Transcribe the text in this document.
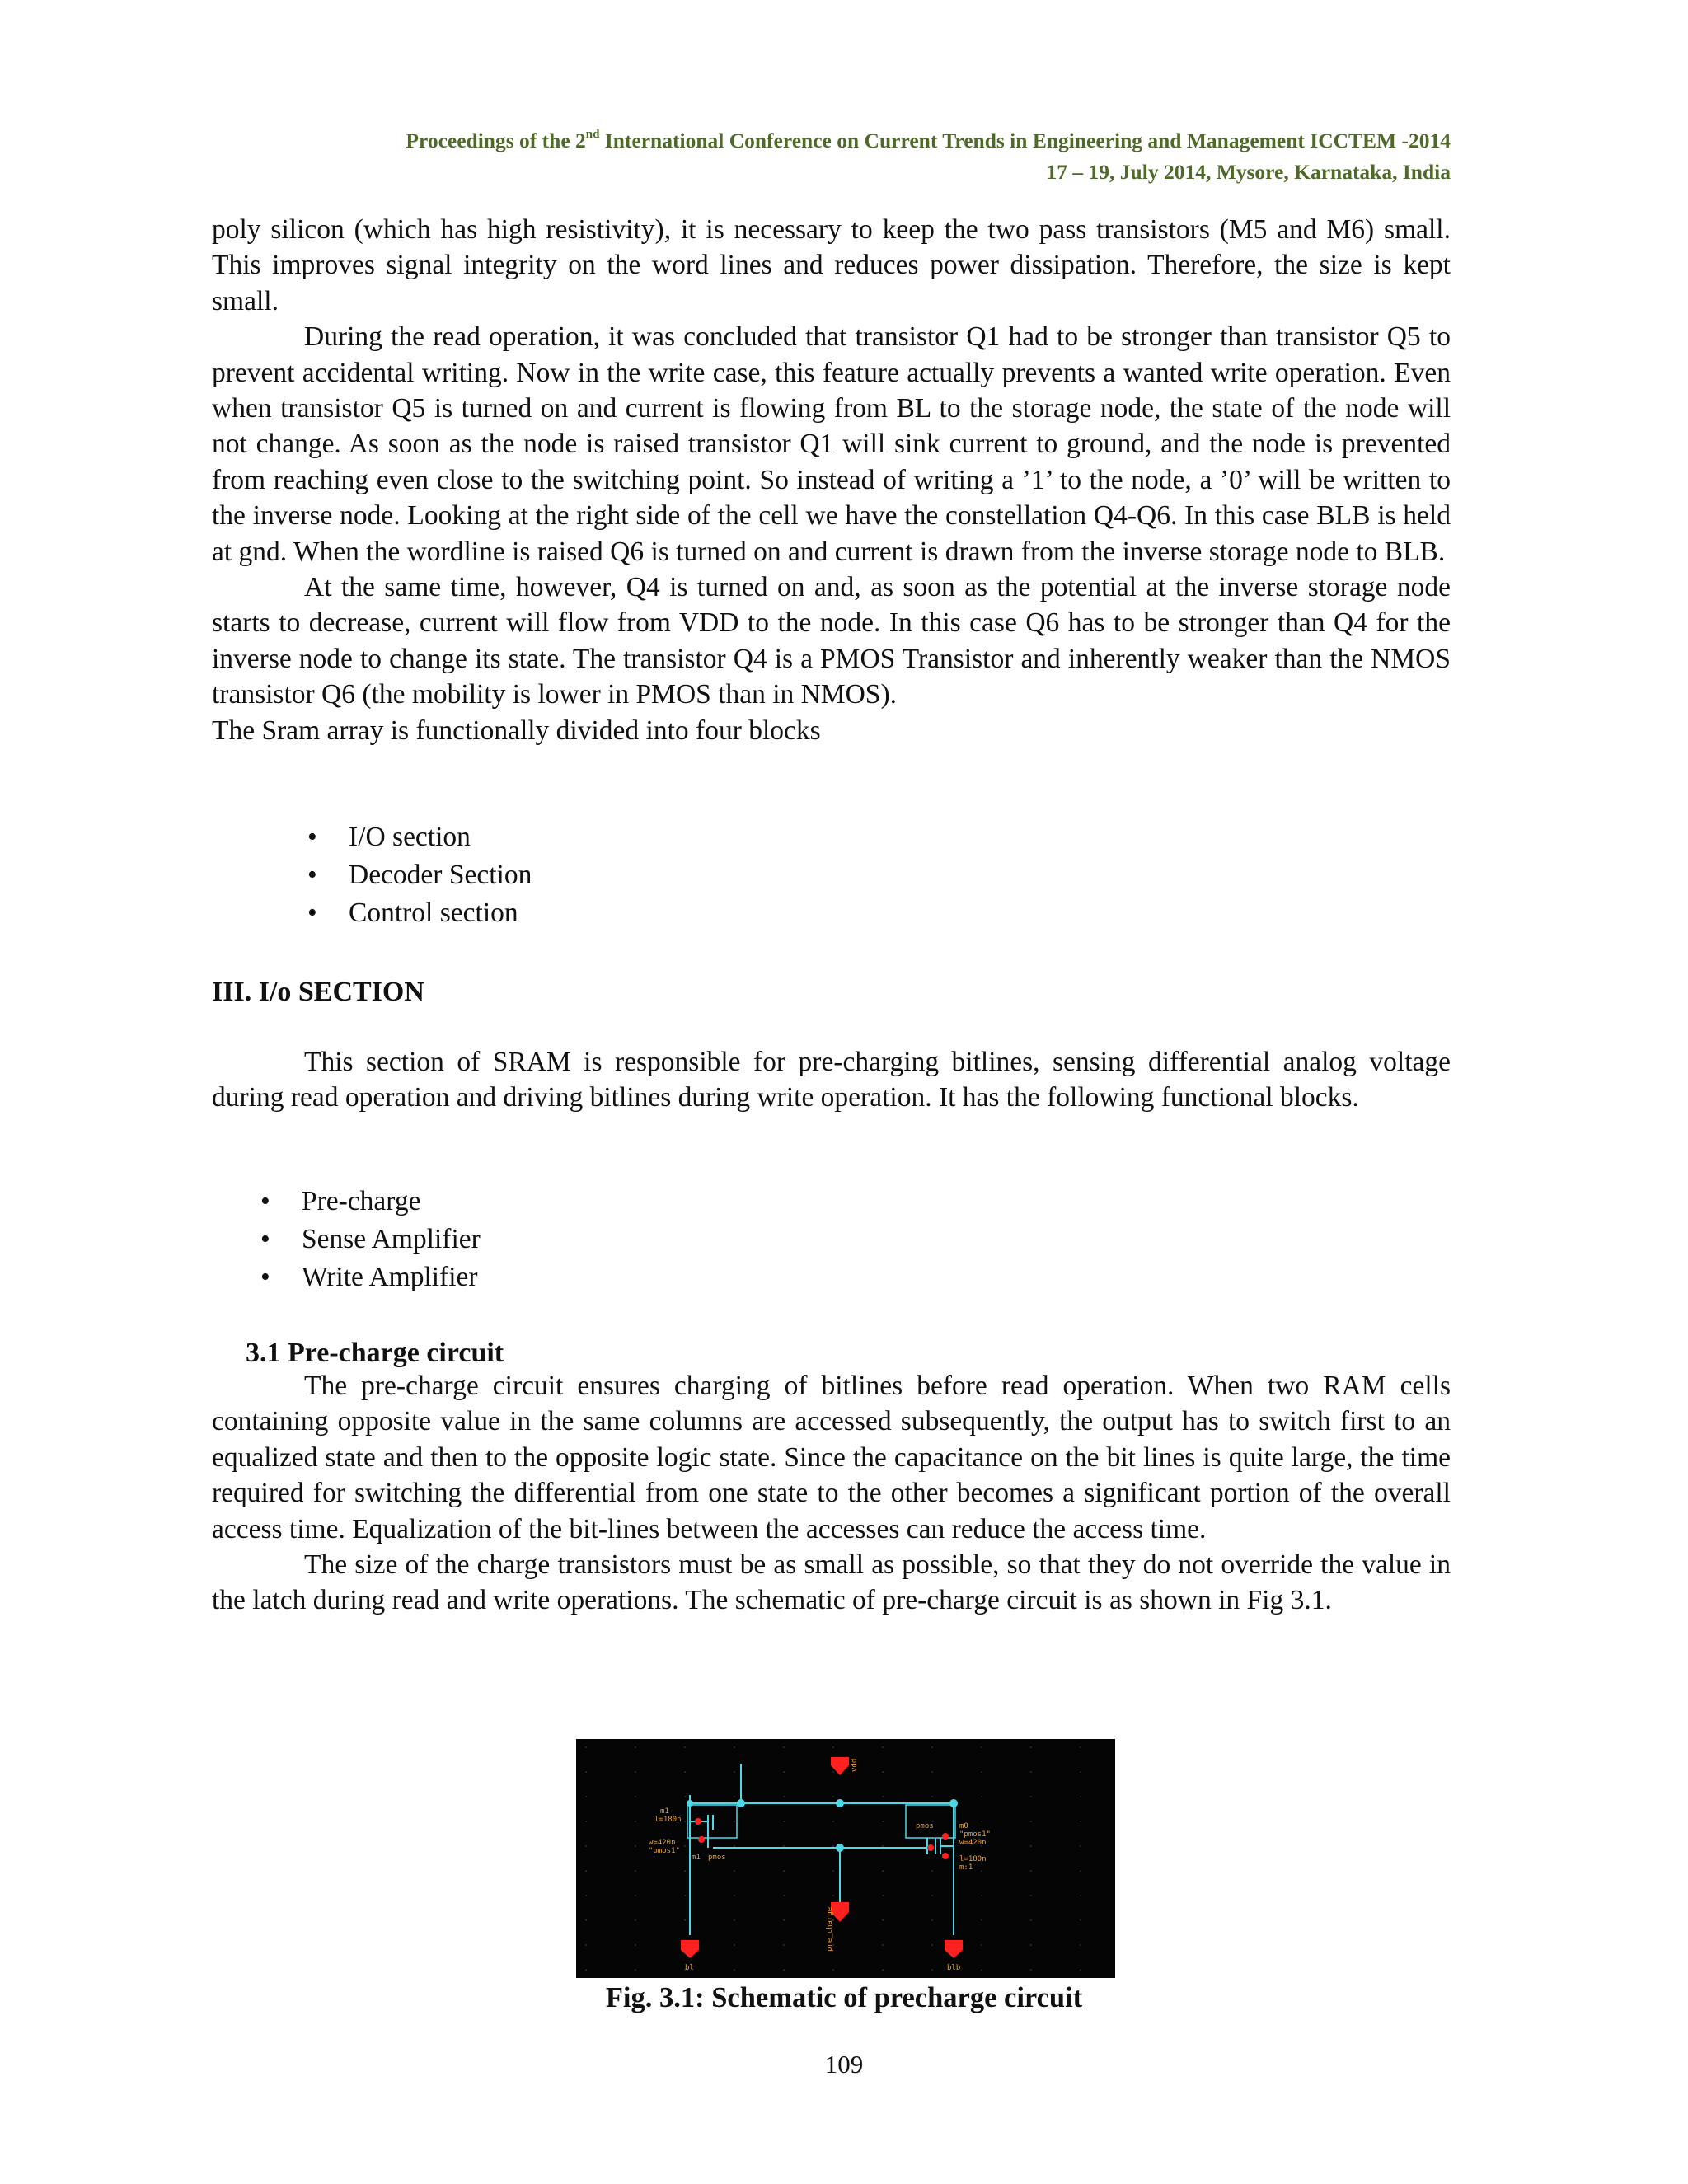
Proceedings of the 2nd International Conference on Current Trends in Engineering and Management ICCTEM -2014
17 – 19, July 2014, Mysore, Karnataka, India

poly silicon (which has high resistivity), it is necessary to keep the two pass transistors (M5 and M6) small. This improves signal integrity on the word lines and reduces power dissipation. Therefore, the size is kept small.

During the read operation, it was concluded that transistor Q1 had to be stronger than transistor Q5 to prevent accidental writing. Now in the write case, this feature actually prevents a wanted write operation. Even when transistor Q5 is turned on and current is flowing from BL to the storage node, the state of the node will not change. As soon as the node is raised transistor Q1 will sink current to ground, and the node is prevented from reaching even close to the switching point. So instead of writing a ’1’ to the node, a ’0’ will be written to the inverse node. Looking at the right side of the cell we have the constellation Q4-Q6. In this case BLB is held at gnd. When the wordline is raised Q6 is turned on and current is drawn from the inverse storage node to BLB.

At the same time, however, Q4 is turned on and, as soon as the potential at the inverse storage node starts to decrease, current will flow from VDD to the node. In this case Q6 has to be stronger than Q4 for the inverse node to change its state. The transistor Q4 is a PMOS Transistor and inherently weaker than the NMOS transistor Q6 (the mobility is lower in PMOS than in NMOS).

The Sram array is functionally divided into four blocks

• I/O section
• Decoder Section
• Control section
III. I/o SECTION

This section of SRAM is responsible for pre-charging bitlines, sensing differential analog voltage during read operation and driving bitlines during write operation. It has the following functional blocks.

• Pre-charge
• Sense Amplifier
• Write Amplifier
3.1 Pre-charge circuit

The pre-charge circuit ensures charging of bitlines before read operation. When two RAM cells containing opposite value in the same columns are accessed subsequently, the output has to switch first to an equalized state and then to the opposite logic state. Since the capacitance on the bit lines is quite large, the time required for switching the differential from one state to the other becomes a significant portion of the overall access time. Equalization of the bit-lines between the accesses can reduce the access time.

The size of the charge transistors must be as small as possible, so that they do not override the value in the latch during read and write operations. The schematic of pre-charge circuit is as shown in Fig 3.1.

vdd
m1
l=180n
w=420n
"pmos1"
pmos
m1
pmos	m0
"pmos1"
w=420n
l=180n
m:1
pre_charge
bl	blb
Fig. 3.1: Schematic of precharge circuit
109
